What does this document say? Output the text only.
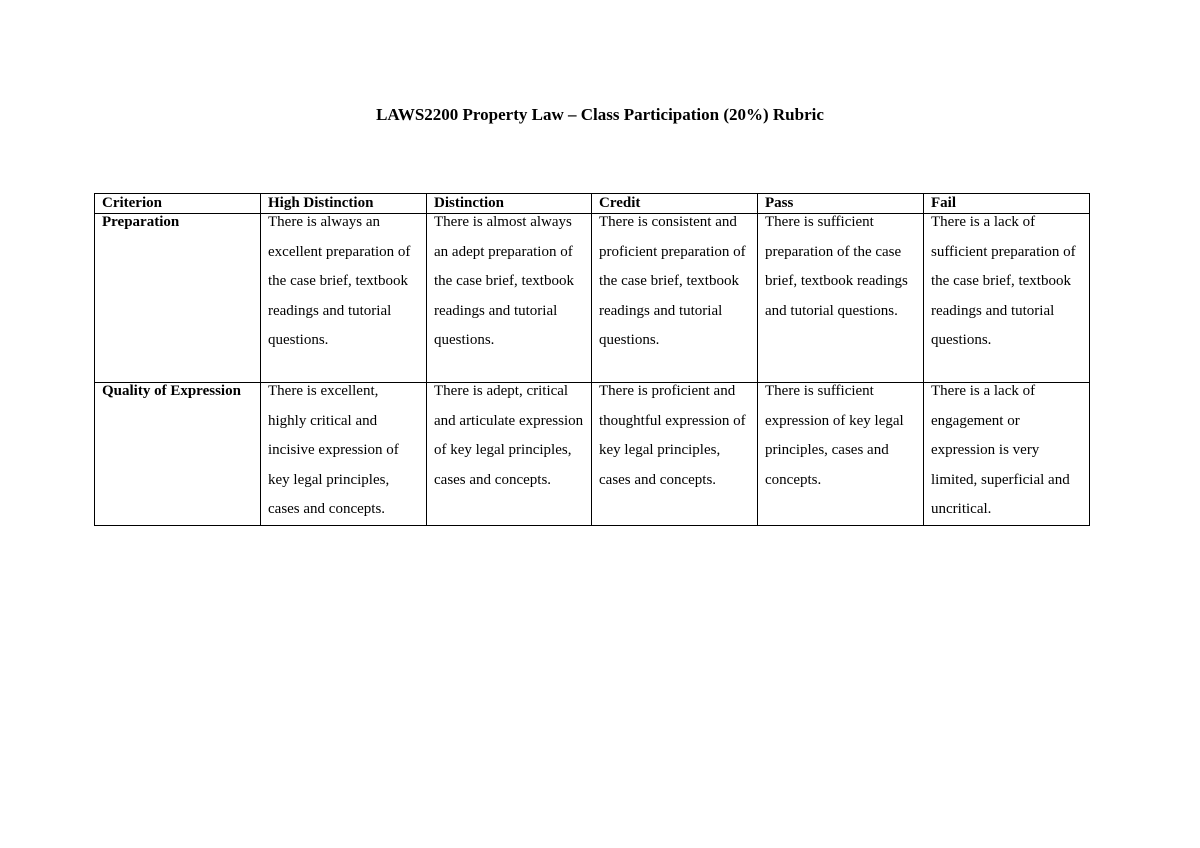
LAWS2200 Property Law – Class Participation (20%) Rubric
Criterion	High Distinction	Distinction	Credit	Pass	Fail

Preparation	There is always an excellent preparation of the case brief, textbook readings and tutorial questions.	There is almost always an adept preparation of the case brief, textbook readings and tutorial questions.	There is consistent and proficient preparation of the case brief, textbook readings and tutorial questions.	There is sufficient preparation of the case brief, textbook readings and tutorial questions.	There is a lack of sufficient preparation of the case brief, textbook readings and tutorial questions.

Quality of Expression	There is excellent, highly critical and incisive expression of key legal principles, cases and concepts.	There is adept, critical and articulate expression of key legal principles, cases and concepts.	There is proficient and thoughtful expression of key legal principles, cases and concepts.	There is sufficient expression of key legal principles, cases and concepts.	There is a lack of engagement or expression is very limited, superficial and uncritical.
